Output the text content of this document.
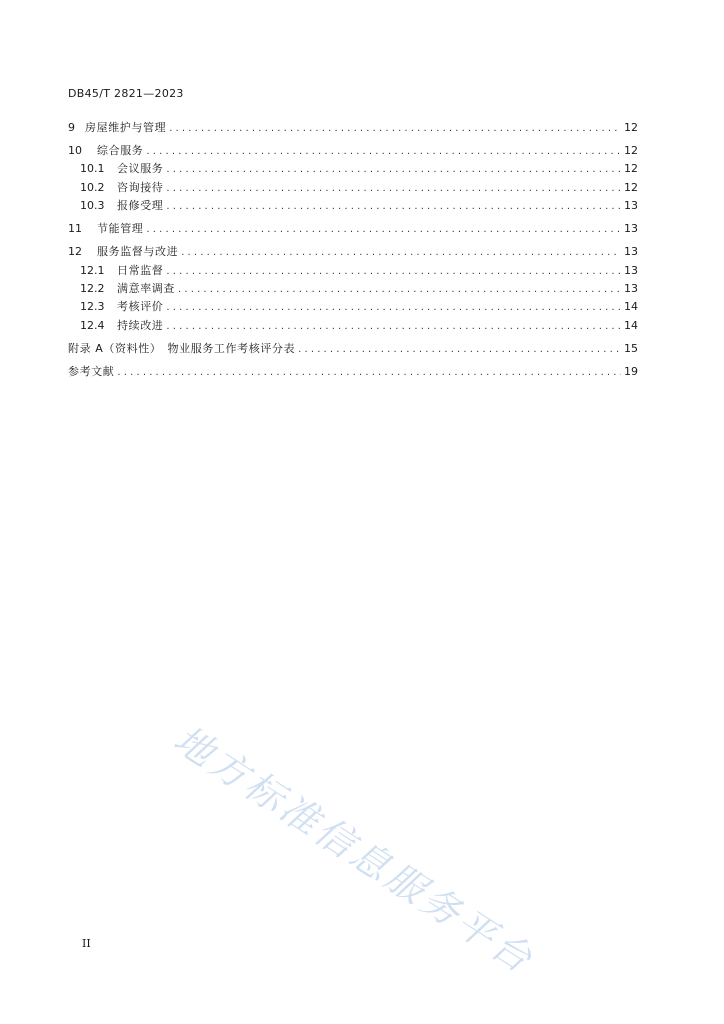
DB45/T 2821—2023
9 房屋维护与管理 . . .	12
10	综合服务 . . .	12
10.1	会议服务 . . .	12
10.2	咨询接待 . . .	12
10.3	报修受理 . . .	13
11	节能管理 . . .	13
12	服务监督与改进 . . .	13
12.1	日常监督 . . .	13
12.2	满意率调查 . . .	13
12.3	考核评价 . . .	14
12.4	持续改进 . . .	14
附录 A（资料性）　物业服务工作考核评分表 . . .	15
参考文献 . . .	19
地方标准信息服务平台
II
